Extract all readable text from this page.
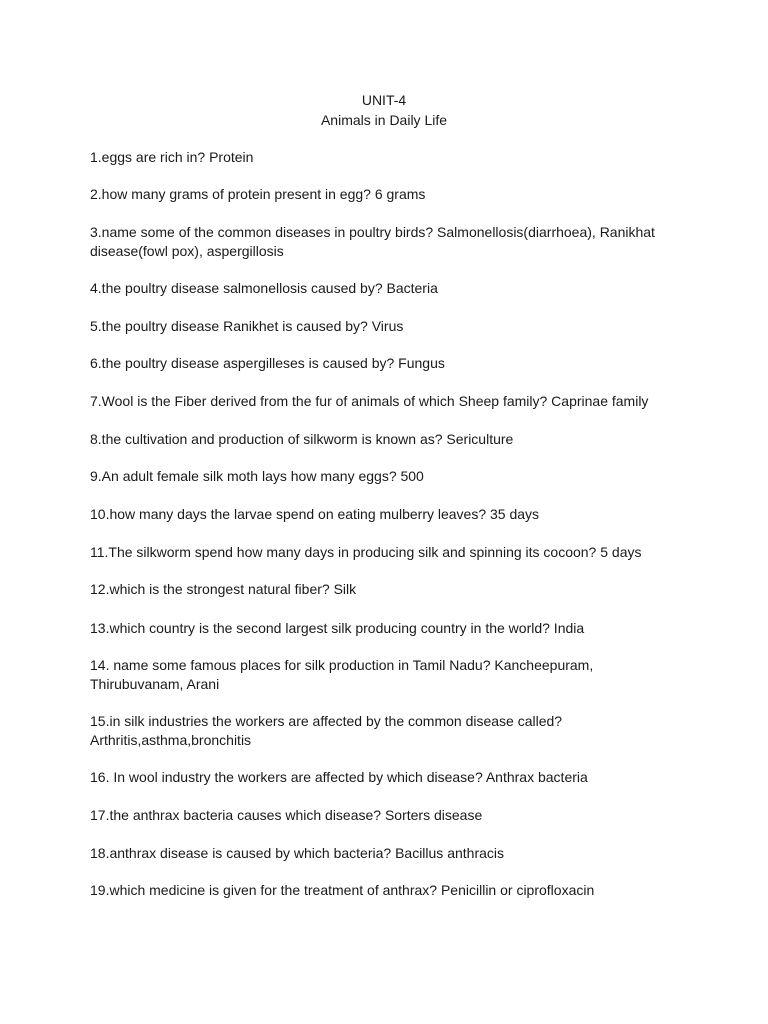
UNIT-4
Animals in Daily Life
1.eggs are rich in? Protein
2.how many grams of protein present in egg? 6 grams
3.name some of the common diseases in poultry birds? Salmonellosis(diarrhoea), Ranikhat disease(fowl pox), aspergillosis
4.the poultry disease salmonellosis caused by? Bacteria
5.the poultry disease Ranikhet is caused by? Virus
6.the poultry disease aspergilleses is caused by? Fungus
7.Wool is the Fiber derived from the fur of animals of which Sheep family? Caprinae family
8.the cultivation and production of silkworm is known as? Sericulture
9.An adult female silk moth lays how many eggs? 500
10.how many days the larvae spend on eating mulberry leaves? 35 days
11.The silkworm spend how many days in producing silk and spinning its cocoon? 5 days
12.which is the strongest natural fiber? Silk
13.which country is the second largest silk producing country in the world? India
14. name some famous places for silk production in Tamil Nadu? Kancheepuram, Thirubuvanam, Arani
15.in silk industries the workers are affected by the common disease called? Arthritis,asthma,bronchitis
16. In wool industry the workers are affected by which disease? Anthrax bacteria
17.the anthrax bacteria causes which disease? Sorters disease
18.anthrax disease is caused by which bacteria? Bacillus anthracis
19.which medicine is given for the treatment of anthrax? Penicillin or ciprofloxacin
